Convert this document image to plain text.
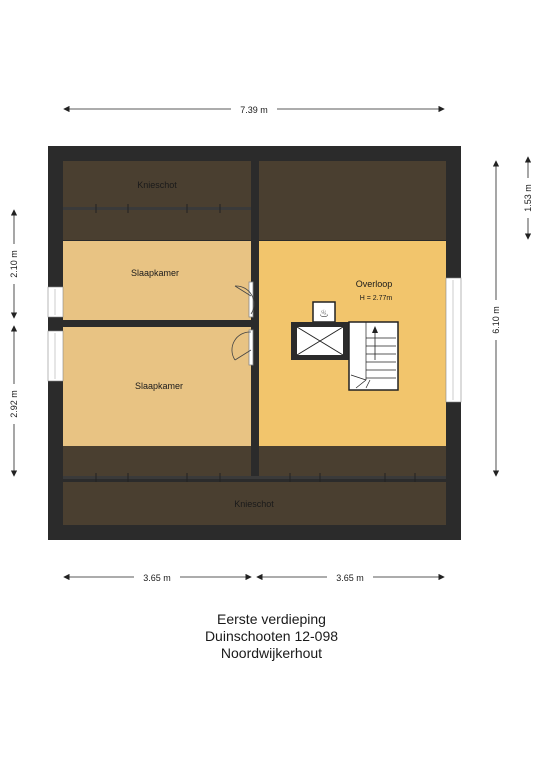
♨
Knieschot
Slaapkamer
Slaapkamer
Overloop
H = 2.77m
Knieschot
7.39 m
3.65 m	3.65 m
2.10 m
2.92 m
1.53 m
6.10 m
Eerste verdieping
Duinschooten 12-098
Noordwijkerhout
